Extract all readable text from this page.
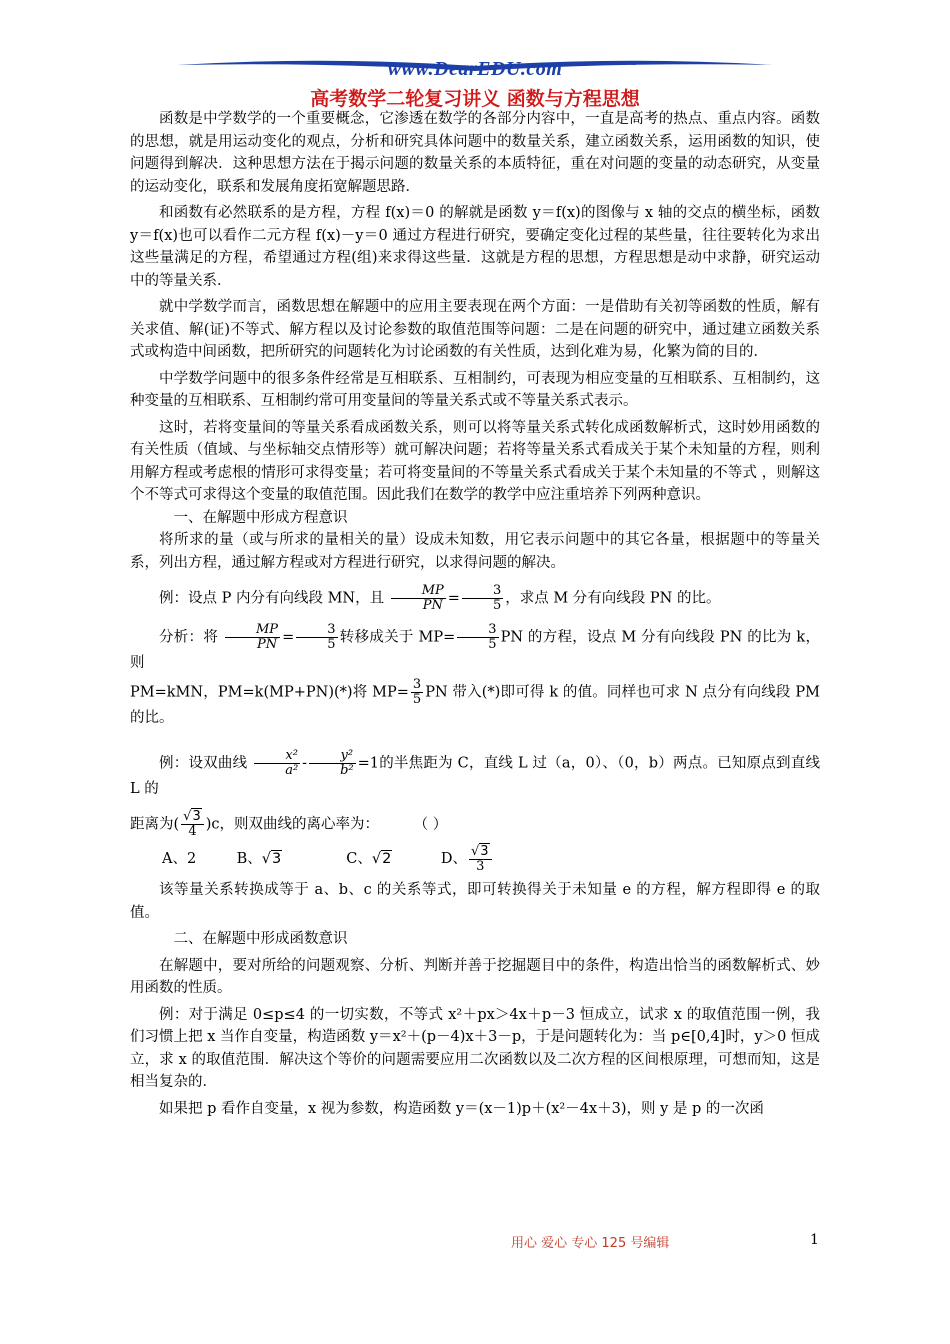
www.DearEDU.com
高考数学二轮复习讲义 函数与方程思想

函数是中学数学的一个重要概念，它渗透在数学的各部分内容中，一直是高考的热点、重点内容。函数的思想，就是用运动变化的观点，分析和研究具体问题中的数量关系，建立函数关系，运用函数的知识，使问题得到解决．这种思想方法在于揭示问题的数量关系的本质特征，重在对问题的变量的动态研究，从变量的运动变化，联系和发展角度拓宽解题思路．

和函数有必然联系的是方程，方程 f(x)＝0 的解就是函数 y＝f(x)的图像与 x 轴的交点的横坐标，函数 y＝f(x)也可以看作二元方程 f(x)－y＝0 通过方程进行研究，要确定变化过程的某些量，往往要转化为求出这些量满足的方程，希望通过方程(组)来求得这些量．这就是方程的思想，方程思想是动中求静，研究运动中的等量关系．

就中学数学而言，函数思想在解题中的应用主要表现在两个方面：一是借助有关初等函数的性质，解有关求值、解(证)不等式、解方程以及讨论参数的取值范围等问题：二是在问题的研究中，通过建立函数关系式或构造中间函数，把所研究的问题转化为讨论函数的有关性质，达到化难为易，化繁为简的目的．

中学数学问题中的很多条件经常是互相联系、互相制约，可表现为相应变量的互相联系、互相制约，这种变量的互相联系、互相制约常可用变量间的等量关系式或不等量关系式表示。

这时，若将变量间的等量关系看成函数关系，则可以将等量关系式转化成函数解析式，这时妙用函数的有关性质（值域、与坐标轴交点情形等）就可解决问题；若将等量关系式看成关于某个未知量的方程，则利用解方程或考虑根的情形可求得变量；若可将变量间的不等量关系式看成关于某个未知量的不等式 ，则解这个不等式可求得这个变量的取值范围。因此我们在数学的教学中应注重培养下列两种意识。

一、在解题中形成方程意识

将所求的量（或与所求的量相关的量）设成未知数，用它表示问题中的其它各量，根据题中的等量关系，列出方程，通过解方程或对方程进行研究，以求得问题的解决。

例：设点 P 内分有向线段 MN，且 $\frac{MP}{PN} = \frac{3}{5}$ ，求点 M 分有向线段 PN 的比。

分析：将 $\frac{MP}{PN} = \frac{3}{5}$ 转移成关于 $MP= \frac{3}{5}$ PN 的方程，设点 M 分有向线段 PN 的比为 k，则

PM=kMN，PM=k(MP+PN)(*)将 $MP= \frac{3}{5}$ PN 带入(*)即可得 k 的值。同样也可求 N 点分有向线段 PM 的比。

例：设双曲线 $\frac{\text{x²}}{\text{a²}} - \frac{\text{y²}}{\text{b²}} =1$的半焦距为 C，直线 L 过（a，0）、（0，b）两点。已知原点到直线 L 的

距离为( $\frac{√3}{4} )c$，则双曲线的离心率为： （ ）

A、2	B、√3	C、√2	D、 $\frac{√3}{3}$

该等量关系转换成等于 a、b、c 的关系等式，即可转换得关于未知量 e 的方程，解方程即得 e 的取值。

二、在解题中形成函数意识

在解题中，要对所给的问题观察、分析、判断并善于挖掘题目中的条件，构造出恰当的函数解析式、妙用函数的性质。

例：对于满足 0≤p≤4 的一切实数，不等式 x²＋px＞4x＋p－3 恒成立，试求 x 的取值范围一例，我们习惯上把 x 当作自变量，构造函数 y＝x²＋(p－4)x＋3－p，于是问题转化为：当 p∈[0,4]时，y＞0 恒成立，求 x 的取值范围．解决这个等价的问题需要应用二次函数以及二次方程的区间根原理，可想而知，这是相当复杂的．

如果把 p 看作自变量，x 视为参数，构造函数 y＝(x－1)p＋(x²－4x＋3)，则 y 是 p 的一次函

用心 爱心 专心 125 号编辑	1
